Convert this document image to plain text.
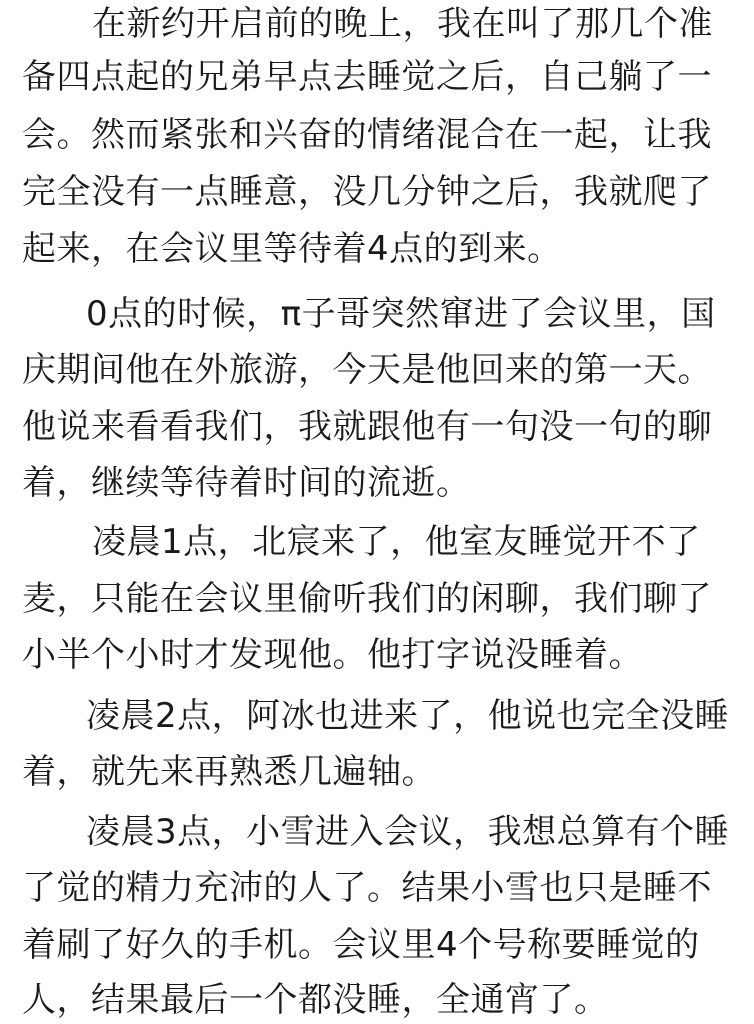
在新约开启前的晚上，我在叫了那几个准
备四点起的兄弟早点去睡觉之后，自己躺了一
会。然而紧张和兴奋的情绪混合在一起，让我
完全没有一点睡意，没几分钟之后，我就爬了
起来，在会议里等待着4点的到来。
0点的时候，π子哥突然窜进了会议里，国
庆期间他在外旅游，今天是他回来的第一天。
他说来看看我们，我就跟他有一句没一句的聊
着，继续等待着时间的流逝。
凌晨1点，北宸来了，他室友睡觉开不了
麦，只能在会议里偷听我们的闲聊，我们聊了
小半个小时才发现他。他打字说没睡着。
凌晨2点，阿冰也进来了，他说也完全没睡
着，就先来再熟悉几遍轴。
凌晨3点，小雪进入会议，我想总算有个睡
了觉的精力充沛的人了。结果小雪也只是睡不
着刷了好久的手机。会议里4个号称要睡觉的
人，结果最后一个都没睡，全通宵了。
